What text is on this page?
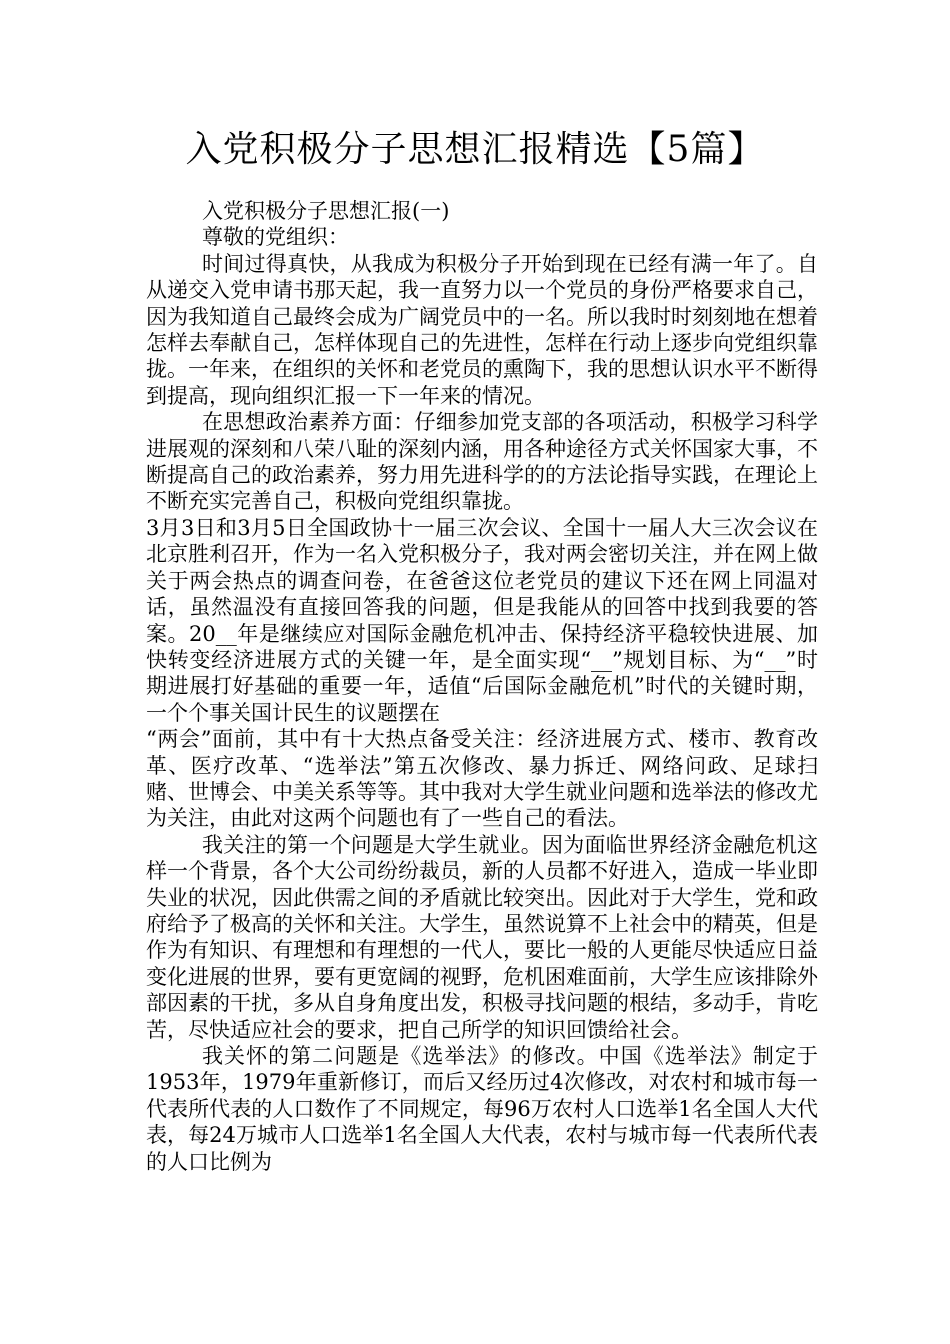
入党积极分子思想汇报精选【5篇】

入党积极分子思想汇报(一)

尊敬的党组织：

时间过得真快，从我成为积极分子开始到现在已经有满一年了。自从递交入党申请书那天起，我一直努力以一个党员的身份严格要求自己，因为我知道自己最终会成为广阔党员中的一名。所以我时时刻刻地在想着怎样去奉献自己，怎样体现自己的先进性，怎样在行动上逐步向党组织靠拢。一年来，在组织的关怀和老党员的熏陶下，我的思想认识水平不断得到提高，现向组织汇报一下一年来的情况。

在思想政治素养方面：仔细参加党支部的各项活动，积极学习科学进展观的深刻和八荣八耻的深刻内涵，用各种途径方式关怀国家大事，不断提高自己的政治素养，努力用先进科学的的方法论指导实践，在理论上不断充实完善自己，积极向党组织靠拢。

3月3日和3月5日全国政协十一届三次会议、全国十一届人大三次会议在北京胜利召开，作为一名入党积极分子，我对两会密切关注，并在网上做关于两会热点的调查问卷，在爸爸这位老党员的建议下还在网上同温对话，虽然温没有直接回答我的问题，但是我能从的回答中找到我要的答案。20__年是继续应对国际金融危机冲击、保持经济平稳较快进展、加快转变经济进展方式的关键一年，是全面实现“__”规划目标、为“__”时期进展打好基础的重要一年，适值“后国际金融危机”时代的关键时期，一个个事关国计民生的议题摆在

“两会”面前，其中有十大热点备受关注：经济进展方式、楼市、教育改革、医疗改革、“选举法”第五次修改、暴力拆迁、网络问政、足球扫赌、世博会、中美关系等等。其中我对大学生就业问题和选举法的修改尤为关注，由此对这两个问题也有了一些自己的看法。

我关注的第一个问题是大学生就业。因为面临世界经济金融危机这样一个背景，各个大公司纷纷裁员，新的人员都不好进入，造成一毕业即失业的状况，因此供需之间的矛盾就比较突出。因此对于大学生，党和政府给予了极高的关怀和关注。大学生，虽然说算不上社会中的精英，但是作为有知识、有理想和有理想的一代人，要比一般的人更能尽快适应日益变化进展的世界，要有更宽阔的视野，危机困难面前，大学生应该排除外部因素的干扰，多从自身角度出发，积极寻找问题的根结，多动手，肯吃苦，尽快适应社会的要求，把自己所学的知识回馈给社会。

我关怀的第二问题是《选举法》的修改。中国《选举法》制定于1953年，1979年重新修订，而后又经历过4次修改，对农村和城市每一代表所代表的人口数作了不同规定，每96万农村人口选举1名全国人大代表，每24万城市人口选举1名全国人大代表，农村与城市每一代表所代表的人口比例为
